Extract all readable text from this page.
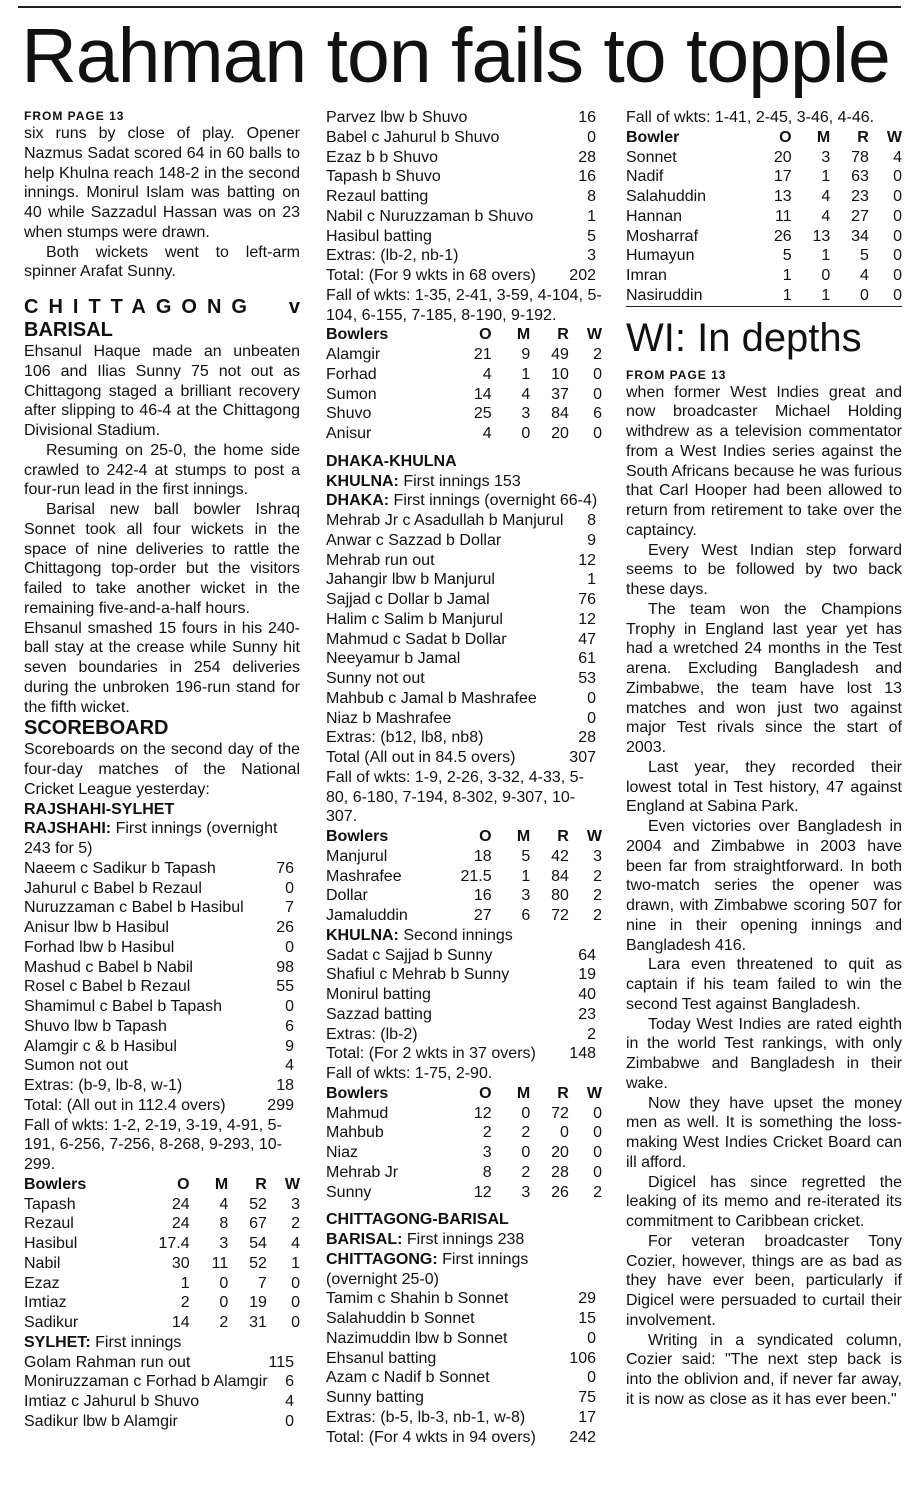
Rahman ton fails to topple
FROM PAGE 13

six runs by close of play. Opener Nazmus Sadat scored 64 in 60 balls to help Khulna reach 148-2 in the second innings. Monirul Islam was batting on 40 while Sazzadul Hassan was on 23 when stumps were drawn.

Both wickets went to left-arm spinner Arafat Sunny.

CHITTAGONG v
BARISAL

Ehsanul Haque made an unbeaten 106 and Ilias Sunny 75 not out as Chittagong staged a brilliant recovery after slipping to 46-4 at the Chittagong Divisional Stadium.

Resuming on 25-0, the home side crawled to 242-4 at stumps to post a four-run lead in the first innings.

Barisal new ball bowler Ishraq Sonnet took all four wickets in the space of nine deliveries to rattle the Chittagong top-order but the visitors failed to take another wicket in the remaining five-and-a-half hours.

Ehsanul smashed 15 fours in his 240-ball stay at the crease while Sunny hit seven boundaries in 254 deliveries during the unbroken 196-run stand for the fifth wicket.

SCOREBOARD

Scoreboards on the second day of the four-day matches of the National Cricket League yesterday:

RAJSHAHI-SYLHET
RAJSHAHI: First innings (overnight 243 for 5)
Naeem c Sadikur b Tapash	76
Jahurul c Babel b Rezaul	0
Nuruzzaman c Babel b Hasibul	7
Anisur lbw b Hasibul	26
Forhad lbw b Hasibul	0
Mashud c Babel b Nabil	98
Rosel c Babel b Rezaul	55
Shamimul c Babel b Tapash	0
Shuvo lbw b Tapash	6
Alamgir c & b Hasibul	9
Sumon not out	4
Extras: (b-9, lb-8, w-1)	18
Total: (All out in 112.4 overs)	299
Fall of wkts: 1-2, 2-19, 3-19, 4-91, 5-191, 6-256, 7-256, 8-268, 9-293, 10-299.
Bowlers	O	M	R	W
Tapash	24	4	52	3
Rezaul	24	8	67	2
Hasibul	17.4	3	54	4
Nabil	30	11	52	1
Ezaz	1	0	7	0
Imtiaz	2	0	19	0
Sadikur	14	2	31	0
SYLHET: First innings
Golam Rahman run out	115
Moniruzzaman c Forhad b Alamgir 6
Imtiaz c Jahurul b Shuvo	4
Sadikur lbw b Alamgir	0
Parvez lbw b Shuvo	16
Babel c Jahurul b Shuvo	0
Ezaz b b Shuvo	28
Tapash b Shuvo	16
Rezaul batting	8
Nabil c Nuruzzaman b Shuvo	1
Hasibul batting	5
Extras: (lb-2, nb-1)	3
Total: (For 9 wkts in 68 overs) 202
Fall of wkts: 1-35, 2-41, 3-59, 4-104, 5-104, 6-155, 7-185, 8-190, 9-192.
Bowlers	O	M	R	W
Alamgir	21	9	49	2
Forhad	4	1	10	0
Sumon	14	4	37	0
Shuvo	25	3	84	6
Anisur	4	0	20	0
DHAKA-KHULNA
KHULNA: First innings 153
DHAKA: First innings (overnight 66-4)
Mehrab Jr c Asadullah b Manjurul 8
Anwar c Sazzad b Dollar	9
Mehrab run out	12
Jahangir lbw b Manjurul	1
Sajjad c Dollar b Jamal	76
Halim c Salim b Manjurul	12
Mahmud c Sadat b Dollar	47
Neeyamur b Jamal	61
Sunny not out	53
Mahbub c Jamal b Mashrafee	0
Niaz b Mashrafee	0
Extras: (b12, lb8, nb8)	28
Total (All out in 84.5 overs)	307
Fall of wkts: 1-9, 2-26, 3-32, 4-33, 5-80, 6-180, 7-194, 8-302, 9-307, 10-307.
Bowlers	O	M	R	W
Manjurul	18	5	42	3
Mashrafee	21.5	1	84	2
Dollar	16	3	80	2
Jamaluddin	27	6	72	2
KHULNA: Second innings
Sadat c Sajjad b Sunny	64
Shafiul c Mehrab b Sunny	19
Monirul batting	40
Sazzad batting	23
Extras: (lb-2)	2
Total: (For 2 wkts in 37 overs) 148
Fall of wkts: 1-75, 2-90.
Bowlers	O	M	R	W
Mahmud	12	0	72	0
Mahbub	2	2	0	0
Niaz	3	0	20	0
Mehrab Jr	8	2	28	0
Sunny	12	3	26	2
CHITTAGONG-BARISAL
BARISAL: First innings 238
CHITTAGONG: First innings (overnight 25-0)
Tamim c Shahin b Sonnet	29
Salahuddin b Sonnet	15
Nazimuddin lbw b Sonnet	0
Ehsanul batting	106
Azam c Nadif b Sonnet	0
Sunny batting	75
Extras: (b-5, lb-3, nb-1, w-8)	17
Total: (For 4 wkts in 94 overs) 242
Fall of wkts: 1-41, 2-45, 3-46, 4-46.
Bowler	O	M	R	W
Sonnet	20	3	78	4
Nadif	17	1	63	0
Salahuddin	13	4	23	0
Hannan	11	4	27	0
Mosharraf	26	13	34	0
Humayun	5	1	5	0
Imran	1	0	4	0
Nasiruddin	1	1	0	0
WI: In depths
FROM PAGE 13

when former West Indies great and now broadcaster Michael Holding withdrew as a television commentator from a West Indies series against the South Africans because he was furious that Carl Hooper had been allowed to return from retirement to take over the captaincy.

Every West Indian step forward seems to be followed by two back these days.

The team won the Champions Trophy in England last year yet has had a wretched 24 months in the Test arena. Excluding Bangladesh and Zimbabwe, the team have lost 13 matches and won just two against major Test rivals since the start of 2003.

Last year, they recorded their lowest total in Test history, 47 against England at Sabina Park.

Even victories over Bangladesh in 2004 and Zimbabwe in 2003 have been far from straightforward. In both two-match series the opener was drawn, with Zimbabwe scoring 507 for nine in their opening innings and Bangladesh 416.

Lara even threatened to quit as captain if his team failed to win the second Test against Bangladesh.

Today West Indies are rated eighth in the world Test rankings, with only Zimbabwe and Bangladesh in their wake.

Now they have upset the money men as well. It is something the loss-making West Indies Cricket Board can ill afford.

Digicel has since regretted the leaking of its memo and re-iterated its commitment to Caribbean cricket.

For veteran broadcaster Tony Cozier, however, things are as bad as they have ever been, particularly if Digicel were persuaded to curtail their involvement.

Writing in a syndicated column, Cozier said: "The next step back is into the oblivion and, if never far away, it is now as close as it has ever been."
